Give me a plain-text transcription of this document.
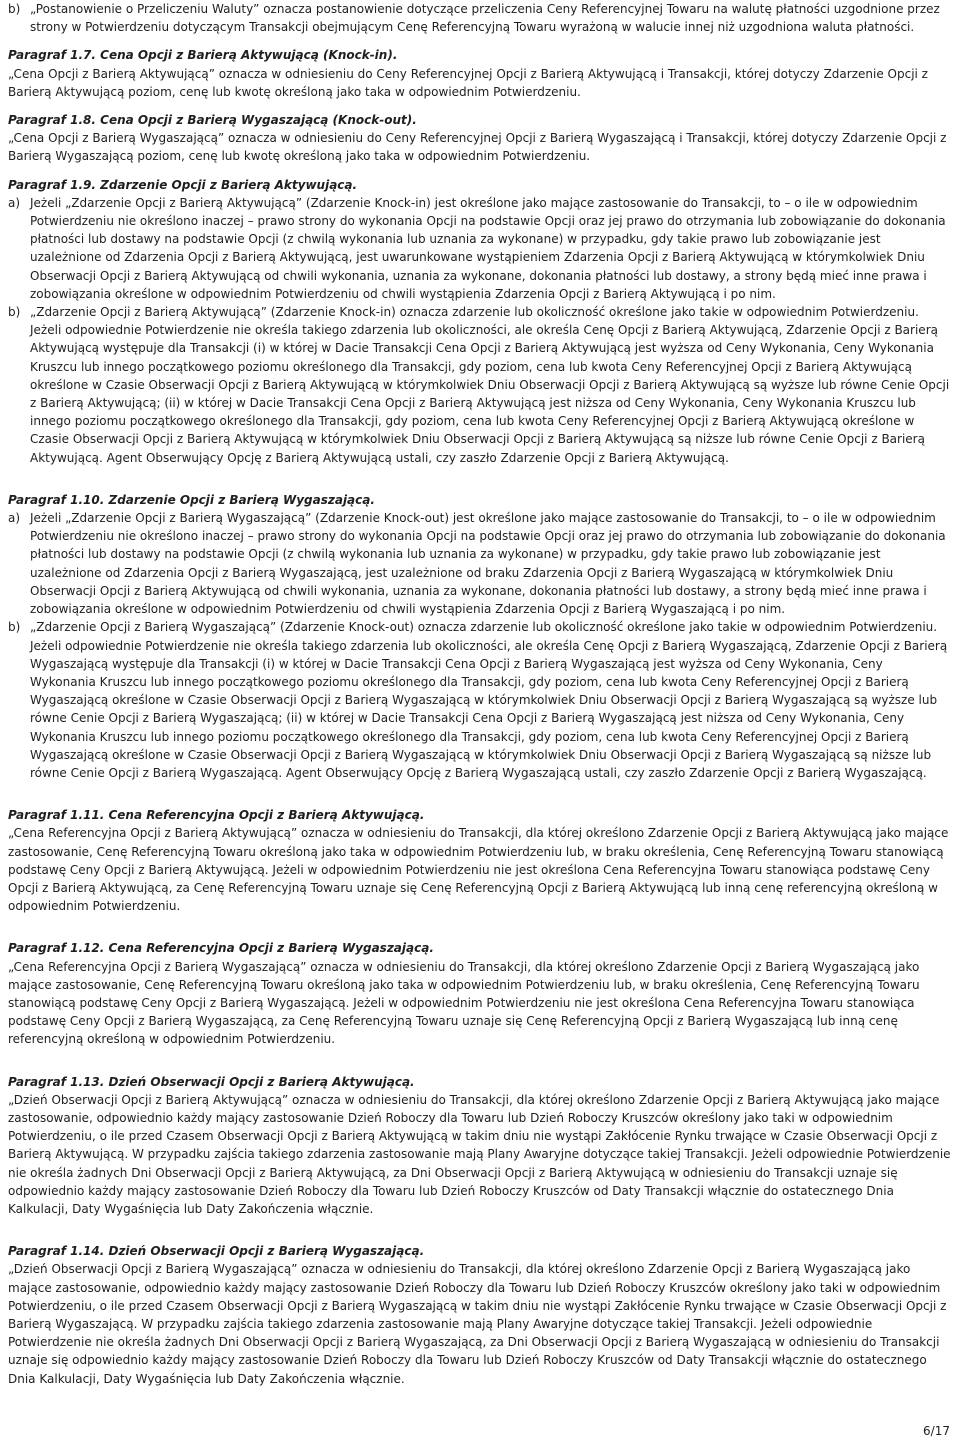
b) „Postanowienie o Przeliczeniu Waluty” oznacza postanowienie dotyczące przeliczenia Ceny Referencyjnej Towaru na walutę płatności uzgodnione przez strony w Potwierdzeniu dotyczącym Transakcji obejmującym Cenę Referencyjną Towaru wyrażoną w walucie innej niż uzgodniona waluta płatności.
Paragraf 1.7. Cena Opcji z Barierą Aktywującą (Knock-in).
„Cena Opcji z Barierą Aktywującą” oznacza w odniesieniu do Ceny Referencyjnej Opcji z Barierą Aktywującą i Transakcji, której dotyczy Zdarzenie Opcji z Barierą Aktywującą poziom, cenę lub kwotę określoną jako taka w odpowiednim Potwierdzeniu.
Paragraf 1.8. Cena Opcji z Barierą Wygaszającą (Knock-out).
„Cena Opcji z Barierą Wygaszającą” oznacza w odniesieniu do Ceny Referencyjnej Opcji z Barierą Wygaszającą i Transakcji, której dotyczy Zdarzenie Opcji z Barierą Wygaszającą poziom, cenę lub kwotę określoną jako taka w odpowiednim Potwierdzeniu.
Paragraf 1.9. Zdarzenie Opcji z Barierą Aktywującą.
a) Jeżeli „Zdarzenie Opcji z Barierą Aktywującą” (Zdarzenie Knock-in) jest określone jako mające zastosowanie do Transakcji, to – o ile w odpowiednim Potwierdzeniu nie określono inaczej – prawo strony do wykonania Opcji na podstawie Opcji oraz jej prawo do otrzymania lub zobowiązanie do dokonania płatności lub dostawy na podstawie Opcji (z chwilą wykonania lub uznania za wykonane) w przypadku, gdy takie prawo lub zobowiązanie jest uzależnione od Zdarzenia Opcji z Barierą Aktywującą, jest uwarunkowane wystąpieniem Zdarzenia Opcji z Barierą Aktywującą w którymkolwiek Dniu Obserwacji Opcji z Barierą Aktywującą od chwili wykonania, uznania za wykonane, dokonania płatności lub dostawy, a strony będą mieć inne prawa i zobowiązania określone w odpowiednim Potwierdzeniu od chwili wystąpienia Zdarzenia Opcji z Barierą Aktywującą i po nim.
b) „Zdarzenie Opcji z Barierą Aktywującą” (Zdarzenie Knock-in) oznacza zdarzenie lub okoliczność określone jako takie w odpowiednim Potwierdzeniu. Jeżeli odpowiednie Potwierdzenie nie określa takiego zdarzenia lub okoliczności, ale określa Cenę Opcji z Barierą Aktywującą, Zdarzenie Opcji z Barierą Aktywującą występuje dla Transakcji (i) w której w Dacie Transakcji Cena Opcji z Barierą Aktywującą jest wyższa od Ceny Wykonania, Ceny Wykonania Kruszcu lub innego początkowego poziomu określonego dla Transakcji, gdy poziom, cena lub kwota Ceny Referencyjnej Opcji z Barierą Aktywującą określone w Czasie Obserwacji Opcji z Barierą Aktywującą w którymkolwiek Dniu Obserwacji Opcji z Barierą Aktywującą są wyższe lub równe Cenie Opcji z Barierą Aktywującą; (ii) w której w Dacie Transakcji Cena Opcji z Barierą Aktywującą jest niższa od Ceny Wykonania, Ceny Wykonania Kruszcu lub innego poziomu początkowego określonego dla Transakcji, gdy poziom, cena lub kwota Ceny Referencyjnej Opcji z Barierą Aktywującą określone w Czasie Obserwacji Opcji z Barierą Aktywującą w którymkolwiek Dniu Obserwacji Opcji z Barierą Aktywującą są niższe lub równe Cenie Opcji z Barierą Aktywującą. Agent Obserwujący Opcję z Barierą Aktywującą ustali, czy zaszło Zdarzenie Opcji z Barierą Aktywującą.
Paragraf 1.10. Zdarzenie Opcji z Barierą Wygaszającą.
a) Jeżeli „Zdarzenie Opcji z Barierą Wygaszającą” (Zdarzenie Knock-out) jest określone jako mające zastosowanie do Transakcji, to – o ile w odpowiednim Potwierdzeniu nie określono inaczej – prawo strony do wykonania Opcji na podstawie Opcji oraz jej prawo do otrzymania lub zobowiązanie do dokonania płatności lub dostawy na podstawie Opcji (z chwilą wykonania lub uznania za wykonane) w przypadku, gdy takie prawo lub zobowiązanie jest uzależnione od Zdarzenia Opcji z Barierą Wygaszającą, jest uzależnione od braku Zdarzenia Opcji z Barierą Wygaszającą w którymkolwiek Dniu Obserwacji Opcji z Barierą Aktywującą od chwili wykonania, uznania za wykonane, dokonania płatności lub dostawy, a strony będą mieć inne prawa i zobowiązania określone w odpowiednim Potwierdzeniu od chwili wystąpienia Zdarzenia Opcji z Barierą Wygaszającą i po nim.
b) „Zdarzenie Opcji z Barierą Wygaszającą” (Zdarzenie Knock-out) oznacza zdarzenie lub okoliczność określone jako takie w odpowiednim Potwierdzeniu. Jeżeli odpowiednie Potwierdzenie nie określa takiego zdarzenia lub okoliczności, ale określa Cenę Opcji z Barierą Wygaszającą, Zdarzenie Opcji z Barierą Wygaszającą występuje dla Transakcji (i) w której w Dacie Transakcji Cena Opcji z Barierą Wygaszającą jest wyższa od Ceny Wykonania, Ceny Wykonania Kruszcu lub innego początkowego poziomu określonego dla Transakcji, gdy poziom, cena lub kwota Ceny Referencyjnej Opcji z Barierą Wygaszającą określone w Czasie Obserwacji Opcji z Barierą Wygaszającą w którymkolwiek Dniu Obserwacji Opcji z Barierą Wygaszającą są wyższe lub równe Cenie Opcji z Barierą Wygaszającą; (ii) w której w Dacie Transakcji Cena Opcji z Barierą Wygaszającą jest niższa od Ceny Wykonania, Ceny Wykonania Kruszcu lub innego poziomu początkowego określonego dla Transakcji, gdy poziom, cena lub kwota Ceny Referencyjnej Opcji z Barierą Wygaszającą określone w Czasie Obserwacji Opcji z Barierą Wygaszającą w którymkolwiek Dniu Obserwacji Opcji z Barierą Wygaszającą są niższe lub równe Cenie Opcji z Barierą Wygaszającą. Agent Obserwujący Opcję z Barierą Wygaszającą ustali, czy zaszło Zdarzenie Opcji z Barierą Wygaszającą.
Paragraf 1.11. Cena Referencyjna Opcji z Barierą Aktywującą.
„Cena Referencyjna Opcji z Barierą Aktywującą” oznacza w odniesieniu do Transakcji, dla której określono Zdarzenie Opcji z Barierą Aktywującą jako mające zastosowanie, Cenę Referencyjną Towaru określoną jako taka w odpowiednim Potwierdzeniu lub, w braku określenia, Cenę Referencyjną Towaru stanowiącą podstawę Ceny Opcji z Barierą Aktywującą. Jeżeli w odpowiednim Potwierdzeniu nie jest określona Cena Referencyjna Towaru stanowiąca podstawę Ceny Opcji z Barierą Aktywującą, za Cenę Referencyjną Towaru uznaje się Cenę Referencyjną Opcji z Barierą Aktywującą lub inną cenę referencyjną określoną w odpowiednim Potwierdzeniu.
Paragraf 1.12. Cena Referencyjna Opcji z Barierą Wygaszającą.
„Cena Referencyjna Opcji z Barierą Wygaszającą” oznacza w odniesieniu do Transakcji, dla której określono Zdarzenie Opcji z Barierą Wygaszającą jako mające zastosowanie, Cenę Referencyjną Towaru określoną jako taka w odpowiednim Potwierdzeniu lub, w braku określenia, Cenę Referencyjną Towaru stanowiącą podstawę Ceny Opcji z Barierą Wygaszającą. Jeżeli w odpowiednim Potwierdzeniu nie jest określona Cena Referencyjna Towaru stanowiąca podstawę Ceny Opcji z Barierą Wygaszającą, za Cenę Referencyjną Towaru uznaje się Cenę Referencyjną Opcji z Barierą Wygaszającą lub inną cenę referencyjną określoną w odpowiednim Potwierdzeniu.
Paragraf 1.13. Dzień Obserwacji Opcji z Barierą Aktywującą.
„Dzień Obserwacji Opcji z Barierą Aktywującą” oznacza w odniesieniu do Transakcji, dla której określono Zdarzenie Opcji z Barierą Aktywującą jako mające zastosowanie, odpowiednio każdy mający zastosowanie Dzień Roboczy dla Towaru lub Dzień Roboczy Kruszców określony jako taki w odpowiednim Potwierdzeniu, o ile przed Czasem Obserwacji Opcji z Barierą Aktywującą w takim dniu nie wystąpi Zakłócenie Rynku trwające w Czasie Obserwacji Opcji z Barierą Aktywującą. W przypadku zajścia takiego zdarzenia zastosowanie mają Plany Awaryjne dotyczące takiej Transakcji. Jeżeli odpowiednie Potwierdzenie nie określa żadnych Dni Obserwacji Opcji z Barierą Aktywującą, za Dni Obserwacji Opcji z Barierą Aktywującą w odniesieniu do Transakcji uznaje się odpowiednio każdy mający zastosowanie Dzień Roboczy dla Towaru lub Dzień Roboczy Kruszców od Daty Transakcji włącznie do ostatecznego Dnia Kalkulacji, Daty Wygaśnięcia lub Daty Zakończenia włącznie.
Paragraf 1.14. Dzień Obserwacji Opcji z Barierą Wygaszającą.
„Dzień Obserwacji Opcji z Barierą Wygaszającą” oznacza w odniesieniu do Transakcji, dla której określono Zdarzenie Opcji z Barierą Wygaszającą jako mające zastosowanie, odpowiednio każdy mający zastosowanie Dzień Roboczy dla Towaru lub Dzień Roboczy Kruszców określony jako taki w odpowiednim Potwierdzeniu, o ile przed Czasem Obserwacji Opcji z Barierą Wygaszającą w takim dniu nie wystąpi Zakłócenie Rynku trwające w Czasie Obserwacji Opcji z Barierą Wygaszającą. W przypadku zajścia takiego zdarzenia zastosowanie mają Plany Awaryjne dotyczące takiej Transakcji. Jeżeli odpowiednie Potwierdzenie nie określa żadnych Dni Obserwacji Opcji z Barierą Wygaszającą, za Dni Obserwacji Opcji z Barierą Wygaszającą w odniesieniu do Transakcji uznaje się odpowiednio każdy mający zastosowanie Dzień Roboczy dla Towaru lub Dzień Roboczy Kruszców od Daty Transakcji włącznie do ostatecznego Dnia Kalkulacji, Daty Wygaśnięcia lub Daty Zakończenia włącznie.
6/17
